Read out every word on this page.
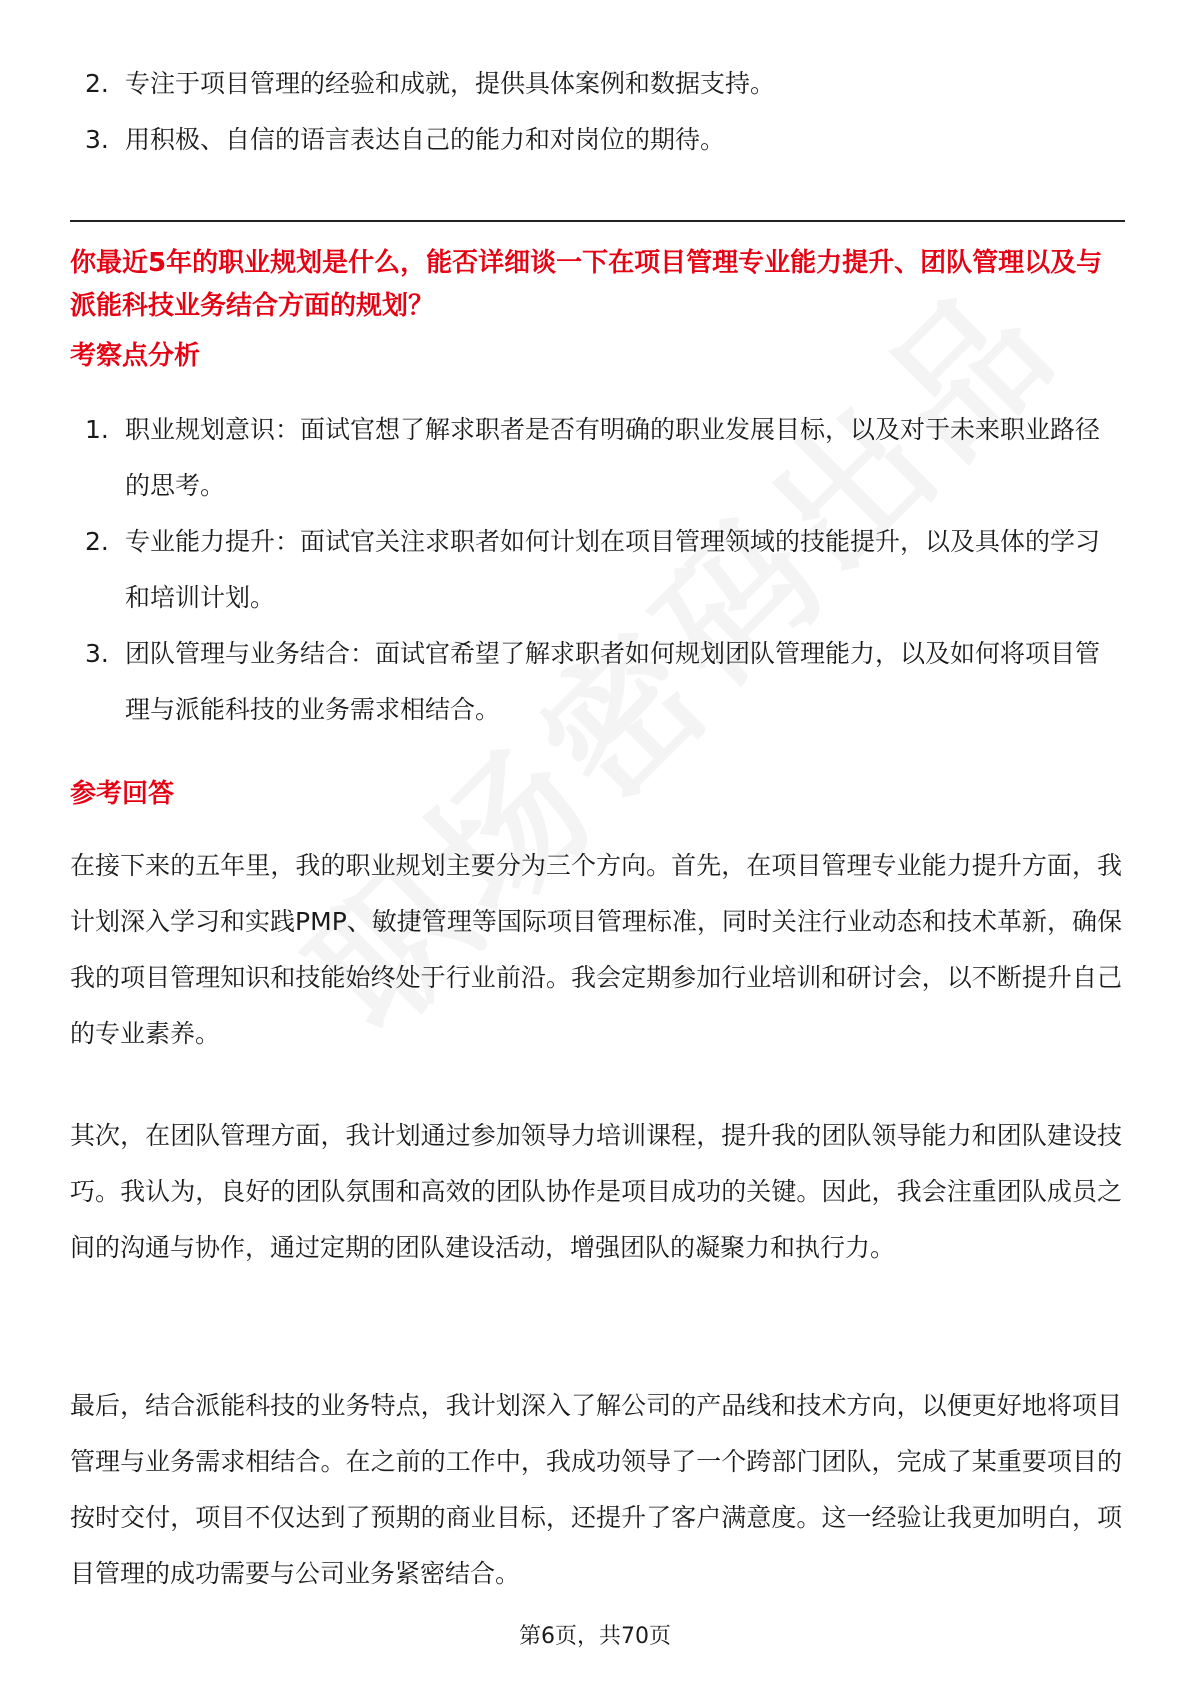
2. 专注于项目管理的经验和成就，提供具体案例和数据支持。
3. 用积极、自信的语言表达自己的能力和对岗位的期待。
你最近5年的职业规划是什么，能否详细谈一下在项目管理专业能力提升、团队管理以及与派能科技业务结合方面的规划？
考察点分析
1. 职业规划意识：面试官想了解求职者是否有明确的职业发展目标，以及对于未来职业路径的思考。
2. 专业能力提升：面试官关注求职者如何计划在项目管理领域的技能提升，以及具体的学习和培训计划。
3. 团队管理与业务结合：面试官希望了解求职者如何规划团队管理能力，以及如何将项目管理与派能科技的业务需求相结合。
参考回答
在接下来的五年里，我的职业规划主要分为三个方向。首先，在项目管理专业能力提升方面，我计划深入学习和实践PMP、敏捷管理等国际项目管理标准，同时关注行业动态和技术革新，确保我的项目管理知识和技能始终处于行业前沿。我会定期参加行业培训和研讨会，以不断提升自己的专业素养。
其次，在团队管理方面，我计划通过参加领导力培训课程，提升我的团队领导能力和团队建设技巧。我认为，良好的团队氛围和高效的团队协作是项目成功的关键。因此，我会注重团队成员之间的沟通与协作，通过定期的团队建设活动，增强团队的凝聚力和执行力。
最后，结合派能科技的业务特点，我计划深入了解公司的产品线和技术方向，以便更好地将项目管理与业务需求相结合。在之前的工作中，我成功领导了一个跨部门团队，完成了某重要项目的按时交付，项目不仅达到了预期的商业目标，还提升了客户满意度。这一经验让我更加明白，项目管理的成功需要与公司业务紧密结合。
第6页，共70页
